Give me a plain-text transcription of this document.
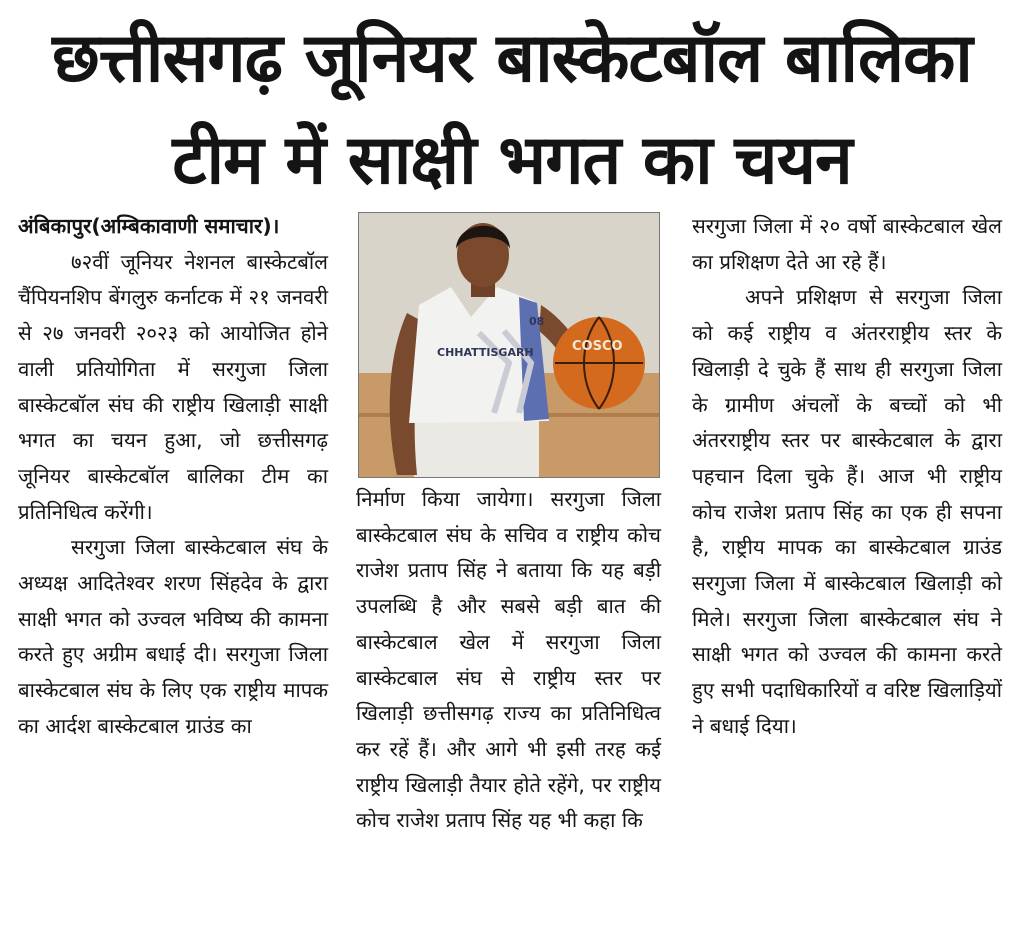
छत्तीसगढ़ जूनियर बास्केटबॉल बालिका
टीम में साक्षी भगत का चयन

अंबिकापुर(अम्बिकावाणी समाचार)।

७२वीं जूनियर नेशनल बास्केटबॉल चैंपियनशिप बेंगलुरु कर्नाटक में २१ जनवरी से २७ जनवरी २०२३ को आयोजित होने वाली प्रतियोगिता में सरगुजा जिला बास्केटबॉल संघ की राष्ट्रीय खिलाड़ी साक्षी भगत का चयन हुआ, जो छत्तीसगढ़ जूनियर बास्केटबॉल बालिका टीम का प्रतिनिधित्व करेंगी।

सरगुजा जिला बास्केटबाल संघ के अध्यक्ष आदितेश्वर शरण सिंहदेव के द्वारा साक्षी भगत को उज्वल भविष्य की कामना करते हुए अग्रीम बधाई दी। सरगुजा जिला बास्केटबाल संघ के लिए एक राष्ट्रीय मापक का आर्दश बास्केटबाल ग्राउंड का

CHHATTISGARH
08
COSCO

निर्माण किया जायेगा। सरगुजा जिला बास्केटबाल संघ के सचिव व राष्ट्रीय कोच राजेश प्रताप सिंह ने बताया कि यह बड़ी उपलब्धि है और सबसे बड़ी बात की बास्केटबाल खेल में सरगुजा जिला बास्केटबाल संघ से राष्ट्रीय स्तर पर खिलाड़ी छत्तीसगढ़ राज्य का प्रतिनिधित्व कर रहें हैं। और आगे भी इसी तरह कई राष्ट्रीय खिलाड़ी तैयार होते रहेंगे, पर राष्ट्रीय कोच राजेश प्रताप सिंह यह भी कहा कि

सरगुजा जिला में २० वर्षो बास्केटबाल खेल का प्रशिक्षण देते आ रहे हैं।

अपने प्रशिक्षण से सरगुजा जिला को कई राष्ट्रीय व अंतरराष्ट्रीय स्तर के खिलाड़ी दे चुके हैं साथ ही सरगुजा जिला के ग्रामीण अंचलों के बच्चों को भी अंतरराष्ट्रीय स्तर पर बास्केटबाल के द्वारा पहचान दिला चुके हैं। आज भी राष्ट्रीय कोच राजेश प्रताप सिंह का एक ही सपना है, राष्ट्रीय मापक का बास्केटबाल ग्राउंड सरगुजा जिला में बास्केटबाल खिलाड़ी को मिले। सरगुजा जिला बास्केटबाल संघ ने साक्षी भगत को उज्वल की कामना करते हुए सभी पदाधिकारियों व वरिष्ट खिलाड़ियों ने बधाई दिया।
